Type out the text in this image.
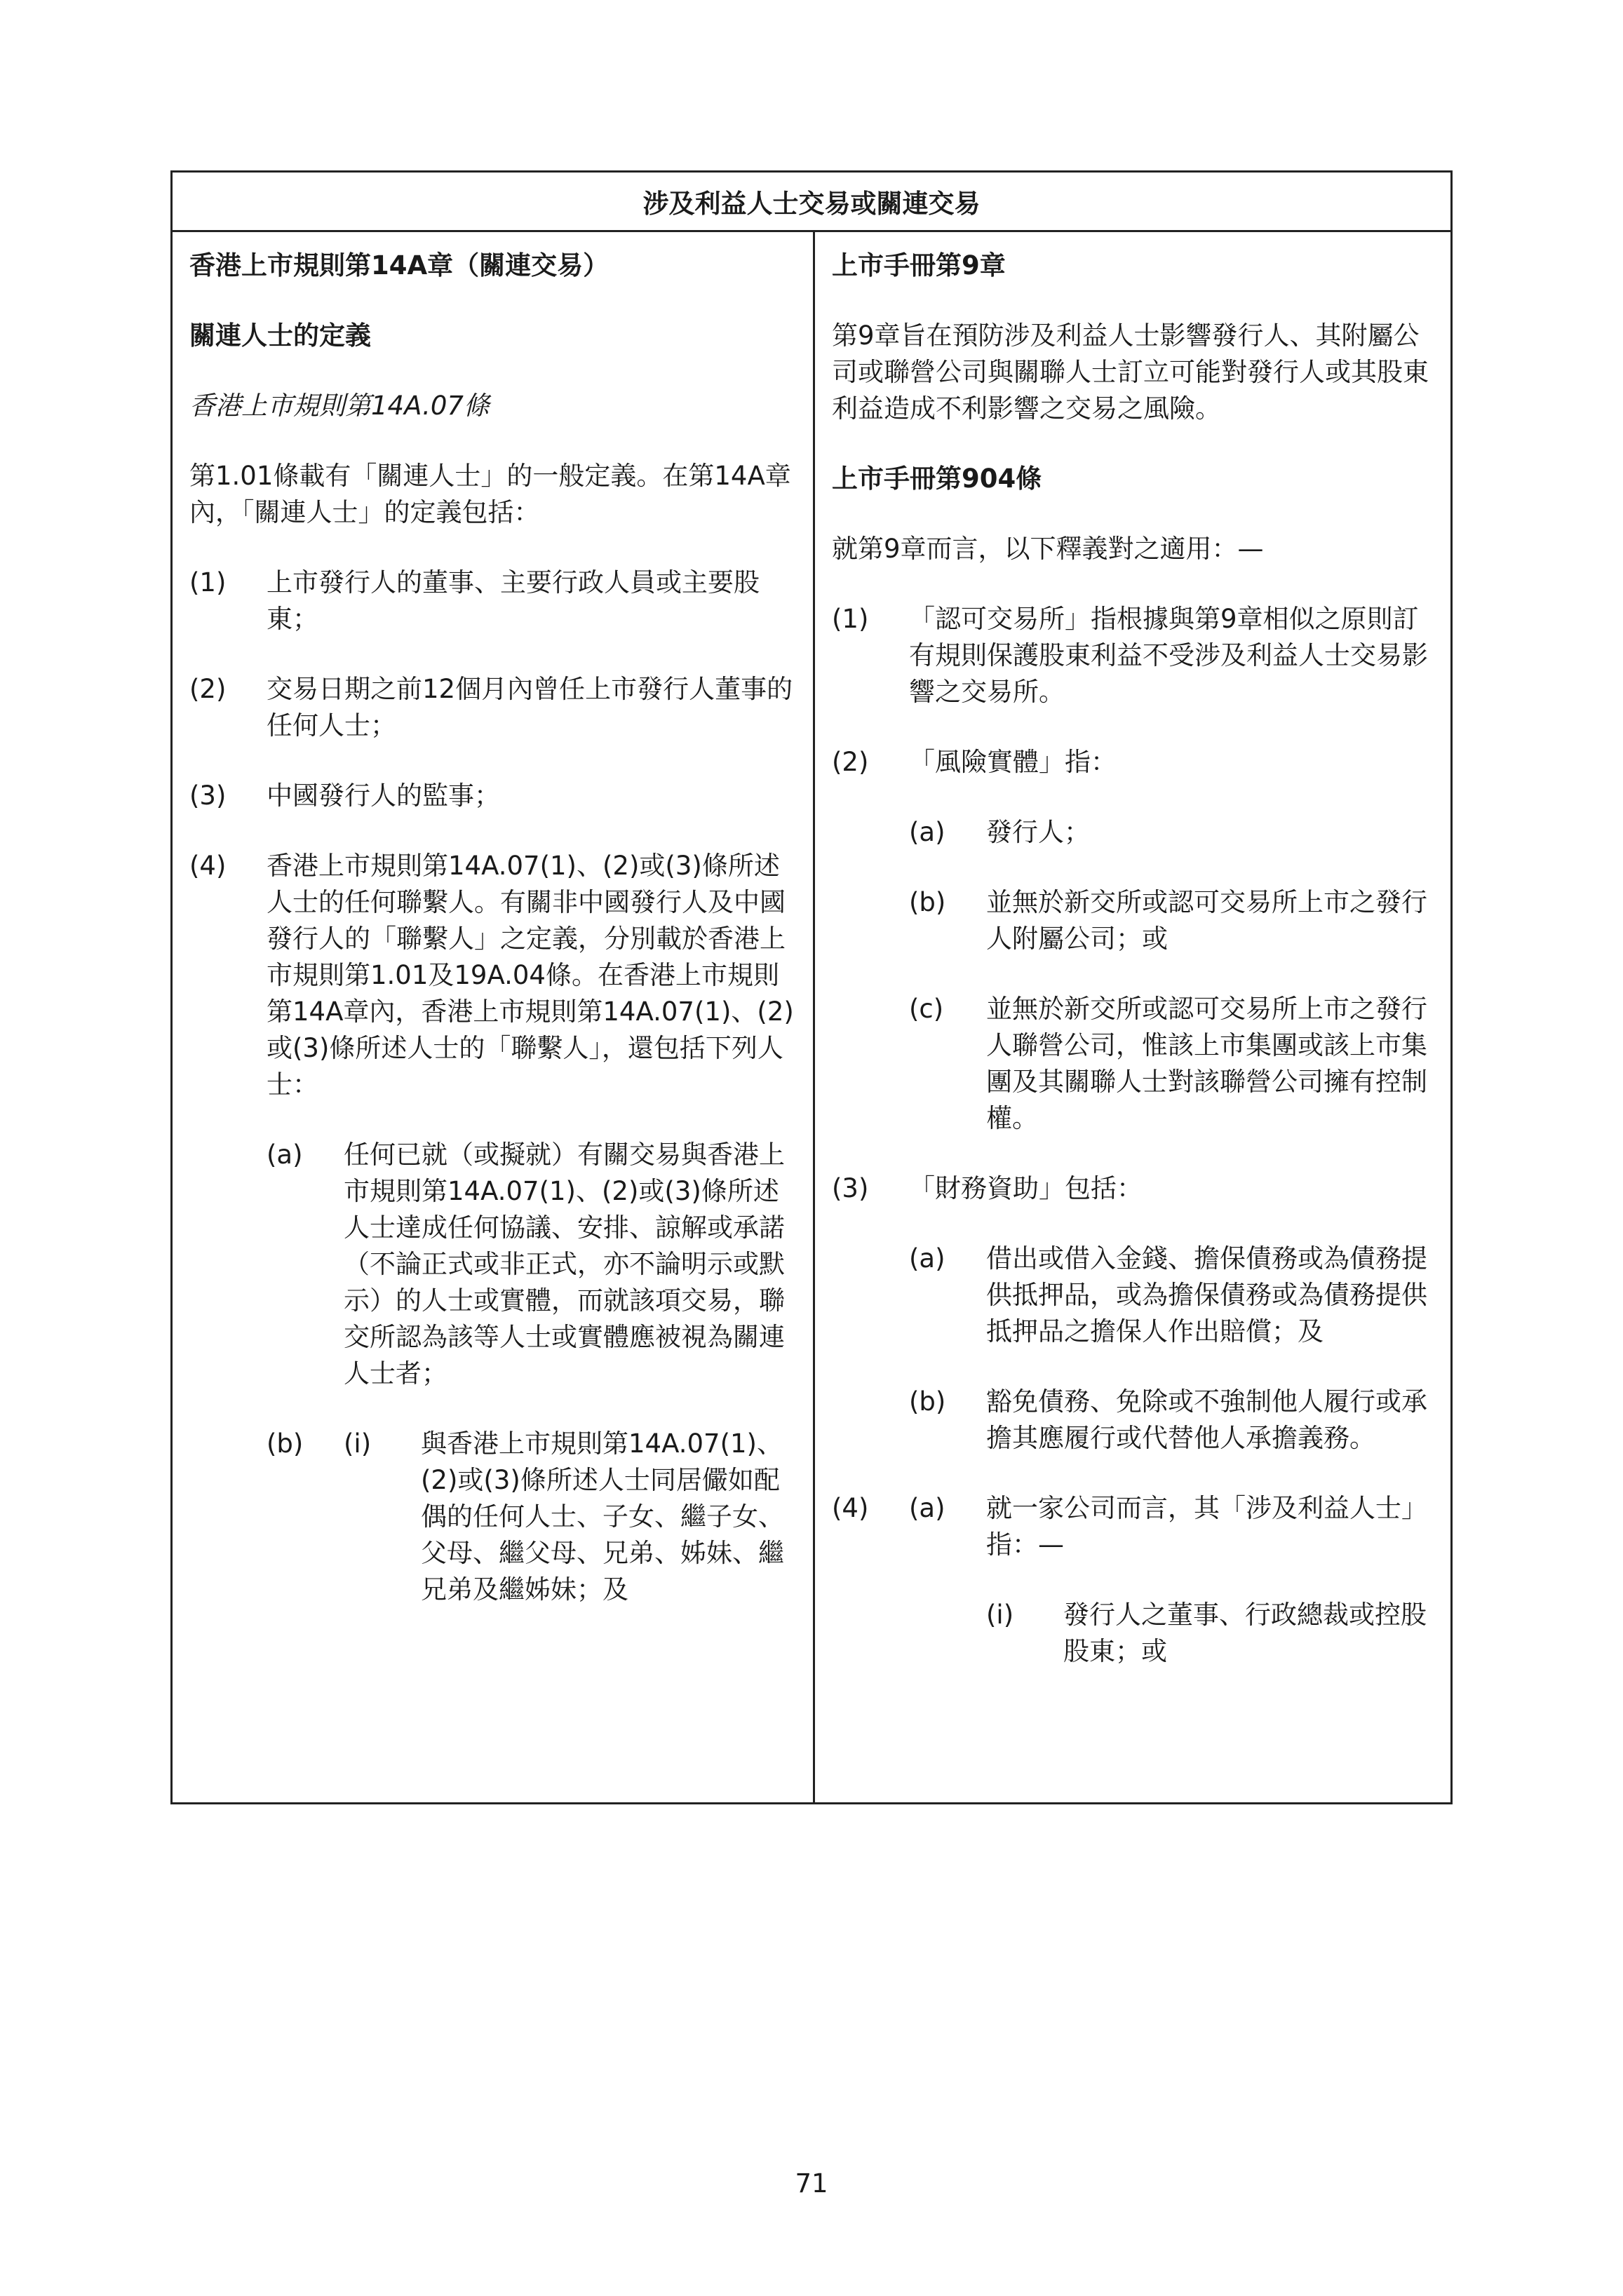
涉及利益人士交易或關連交易

香港上市規則第14A章（關連交易）

關連人士的定義

香港上市規則第14A.07條

第1.01條載有「關連人士」的一般定義。在第14A章內，「關連人士」的定義包括：

(1)	上市發行人的董事、主要行政人員或主要股東；
(2)	交易日期之前12個月內曾任上市發行人董事的任何人士；
(3)	中國發行人的監事；
(4)	香港上市規則第14A.07(1)、(2)或(3)條所述人士的任何聯繫人。有關非中國發行人及中國發行人的「聯繫人」之定義，分別載於香港上市規則第1.01及19A.04條。在香港上市規則第14A章內，香港上市規則第14A.07(1)、(2)或(3)條所述人士的「聯繫人」，還包括下列人士：
(a)	任何已就（或擬就）有關交易與香港上市規則第14A.07(1)、(2)或(3)條所述人士達成任何協議、安排、諒解或承諾（不論正式或非正式，亦不論明示或默示）的人士或實體，而就該項交易，聯交所認為該等人士或實體應被視為關連人士者；
(b)	(i)	與香港上市規則第14A.07(1)、(2)或(3)條所述人士同居儼如配偶的任何人士、子女、繼子女、父母、繼父母、兄弟、姊妹、繼兄弟及繼姊妹；及

上市手冊第9章

第9章旨在預防涉及利益人士影響發行人、其附屬公司或聯營公司與關聯人士訂立可能對發行人或其股東利益造成不利影響之交易之風險。

上市手冊第904條

就第9章而言，以下釋義對之適用：—

(1)	「認可交易所」指根據與第9章相似之原則訂有規則保護股東利益不受涉及利益人士交易影響之交易所。
(2)	「風險實體」指：
(a)	發行人；
(b)	並無於新交所或認可交易所上市之發行人附屬公司；或
(c)	並無於新交所或認可交易所上市之發行人聯營公司，惟該上市集團或該上市集團及其關聯人士對該聯營公司擁有控制權。
(3)	「財務資助」包括：
(a)	借出或借入金錢、擔保債務或為債務提供抵押品，或為擔保債務或為債務提供抵押品之擔保人作出賠償；及
(b)	豁免債務、免除或不強制他人履行或承擔其應履行或代替他人承擔義務。
(4)	(a)	就一家公司而言，其「涉及利益人士」指：—
(i)	發行人之董事、行政總裁或控股股東；或
71
